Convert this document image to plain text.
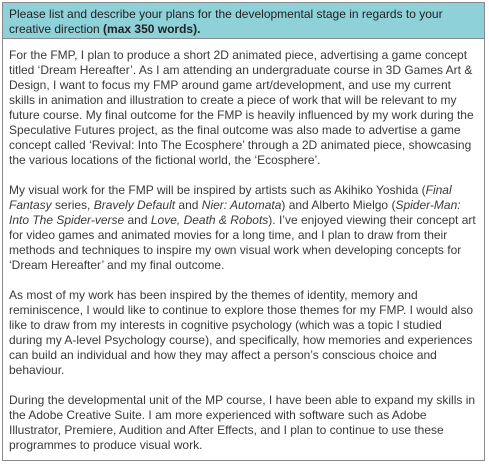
Please list and describe your plans for the developmental stage in regards to your creative direction (max 350 words).

For the FMP, I plan to produce a short 2D animated piece, advertising a game concept titled ‘Dream Hereafter’. As I am attending an undergraduate course in 3D Games Art & Design, I want to focus my FMP around game art/development, and use my current skills in animation and illustration to create a piece of work that will be relevant to my future course. My final outcome for the FMP is heavily influenced by my work during the Speculative Futures project, as the final outcome was also made to advertise a game concept called ‘Revival: Into The Ecosphere’ through a 2D animated piece, showcasing the various locations of the fictional world, the ‘Ecosphere’.

My visual work for the FMP will be inspired by artists such as Akihiko Yoshida (Final Fantasy series, Bravely Default and Nier: Automata) and Alberto Mielgo (Spider-Man: Into The Spider-verse and Love, Death & Robots). I’ve enjoyed viewing their concept art for video games and animated movies for a long time, and I plan to draw from their methods and techniques to inspire my own visual work when developing concepts for ‘Dream Hereafter’ and my final outcome.

As most of my work has been inspired by the themes of identity, memory and reminiscence, I would like to continue to explore those themes for my FMP. I would also like to draw from my interests in cognitive psychology (which was a topic I studied during my A-level Psychology course), and specifically, how memories and experiences can build an individual and how they may affect a person’s conscious choice and behaviour.

During the developmental unit of the MP course, I have been able to expand my skills in the Adobe Creative Suite. I am more experienced with software such as Adobe Illustrator, Premiere, Audition and After Effects, and I plan to continue to use these programmes to produce visual work.
